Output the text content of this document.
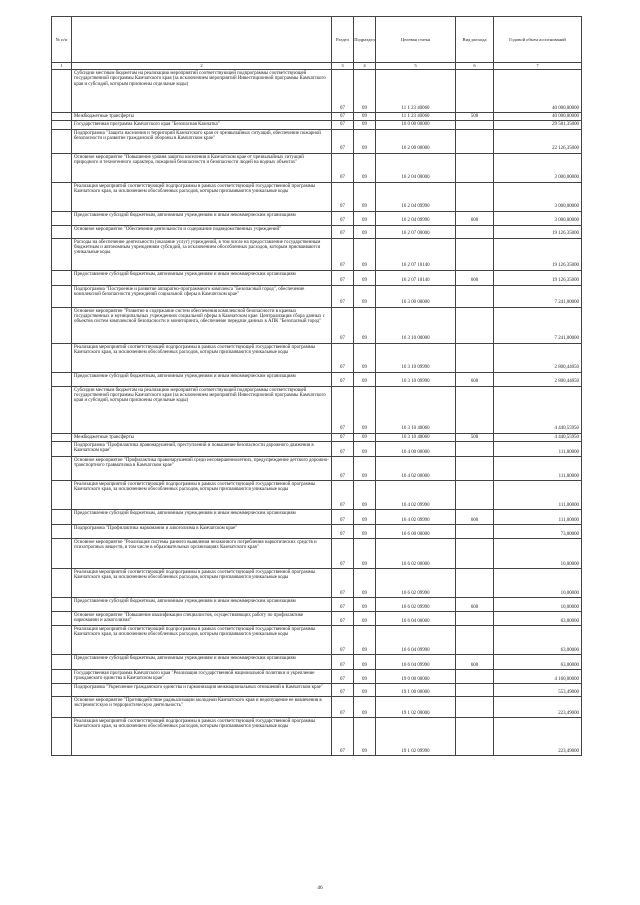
№ п/п		Раздел	Подраздел	Целевая статья	Вид расхода	Годовой объем ассигнований
1	2	3	4	5	6	7
	Субсидии местным бюджетам на реализацию мероприятий соответствующей подпрограммы соответствующей государственной программы Камчатского края (за исключением мероприятий Инвестиционной программы Камчатского края и субсидий, которым присвоены отдельные коды)	07	09	11 1 23 40060		40 000,00000
	Межбюджетные трансферты	07	09	11 1 23 40060	500	40 000,00000
	Государственная программа Камчатского края "Безопасная Камчатка"	07	09	16 0 00 00000		29 581,35000
	Подпрограмма "Защита населения и территорий Камчатского края от чрезвычайных ситуаций, обеспечение пожарной безопасности и развитие гражданской обороны в Камчатском крае"	07	09	16 2 00 00000		22 126,35000
	Основное мероприятие "Повышение уровня защиты населения в Камчатском крае от чрезвычайных ситуаций природного и техногенного характера, пожарной безопасности и безопасности людей на водных объектах"	07	09	16 2 04 00000		3 000,00000
	Реализация мероприятий соответствующей подпрограммы в рамках соответствующей государственной программы Камчатского края, за исключением обособленных расходов, которым присваиваются уникальные коды	07	09	16 2 04 09990		3 000,00000
	Предоставление субсидий бюджетным, автономным учреждениям и иным некоммерческим организациям	07	09	16 2 04 09990	600	3 000,00000
	Основное мероприятие "Обеспечение деятельности и содержание подведомственных учреждений"	07	09	16 2 07 00000		19 126,35000
	Расходы на обеспечение деятельности (оказание услуг) учреждений, в том числе на предоставление государственным бюджетным и автономным учреждениям субсидий, за исключением обособленных расходов, которым присваиваются уникальные коды	07	09	16 2 07 10140		19 126,35000
	Предоставление субсидий бюджетным, автономным учреждениям и иным некоммерческим организациям	07	09	16 2 07 10140	600	19 126,35000
	Подпрограмма "Построение и развитие аппаратно-программного комплекса "Безопасный город", обеспечение комплексной безопасности учреждений социальной сферы в Камчатском крае"	07	09	16 3 00 00000		7 241,00000
	Основное мероприятие "Развитие и содержание систем обеспечения комплексной безопасности в краевых государственных и муниципальных учреждениях социальной сферы в Камчатском крае. Централизация сбора данных с объектов систем комплексной безопасности и мониторинга, обеспечение передачи данных в АПК "Безопасный город"	07	09	16 3 10 00000		7 241,00000
	Реализация мероприятий соответствующей подпрограммы в рамках соответствующей государственной программы Камчатского края, за исключением обособленных расходов, которым присваиваются уникальные коды	07	09	16 3 10 09990		2 800,44050
	Предоставление субсидий бюджетным, автономным учреждениям и иным некоммерческим организациям	07	09	16 3 10 09990	600	2 800,44050
	Субсидии местным бюджетам на реализацию мероприятий соответствующей подпрограммы соответствующей государственной программы Камчатского края (за исключением мероприятий Инвестиционной программы Камчатского края и субсидий, которым присвоены отдельные коды)	07	09	16 3 10 40060		4 440,55950
	Межбюджетные трансферты	07	09	16 3 10 40060	500	4 440,55950
	Подпрограмма "Профилактика правонарушений, преступлений и повышение безопасности дорожного движения в Камчатском крае"	07	09	16 4 00 00000		111,00000
	Основное мероприятие "Профилактика правонарушений среди несовершеннолетних, предупреждение детского дорожно-транспортного травматизма в Камчатском крае"	07	09	16 4 02 00000		111,00000
	Реализация мероприятий соответствующей подпрограммы в рамках соответствующей государственной программы Камчатского края, за исключением обособленных расходов, которым присваиваются уникальные коды	07	09	16 4 02 09990		111,00000
	Предоставление субсидий бюджетным, автономным учреждениям и иным некоммерческим организациям	07	09	16 4 02 09990	600	111,00000
	Подпрограмма "Профилактика наркомании и алкоголизма в Камчатском крае"	07	09	16 6 00 00000		73,00000
	Основное мероприятие "Реализация системы раннего выявления незаконного потребления наркотических средств и психотропных веществ, в том числе в образовательных организациях Камчатского края"	07	09	16 6 02 00000		10,00000
	Реализация мероприятий соответствующей подпрограммы в рамках соответствующей государственной программы Камчатского края, за исключением обособленных расходов, которым присваиваются уникальные коды	07	09	16 6 02 09990		10,00000
	Предоставление субсидий бюджетным, автономным учреждениям и иным некоммерческим организациям	07	09	16 6 02 09990	600	10,00000
	Основное мероприятие "Повышение квалификации специалистов, осуществляющих работу по профилактике наркомании и алкоголизма"	07	09	16 6 04 00000		63,00000
	Реализация мероприятий соответствующей подпрограммы в рамках соответствующей государственной программы Камчатского края, за исключением обособленных расходов, которым присваиваются уникальные коды	07	09	16 6 04 09990		63,00000
	Предоставление субсидий бюджетным, автономным учреждениям и иным некоммерческим организациям	07	09	16 6 04 09990	600	63,00000
	Государственная программа Камчатского края "Реализация государственной национальной политики и укрепление гражданского единства в Камчатском крае"	07	09	19 0 00 00000		4 160,00000
	Подпрограмма "Укрепление гражданского единства и гармонизация межнациональных отношений в Камчатском крае"	07	09	19 1 00 00000		553,49000
	Основное мероприятие "Противодействие радикализации молодежи Камчатского края и недопущение ее вовлечения в экстремистскую и террористическую деятельность"	07	09	19 1 02 00000		223,49000
	Реализация мероприятий соответствующей подпрограммы в рамках соответствующей государственной программы Камчатского края, за исключением обособленных расходов, которым присваиваются уникальные коды	07	09	19 1 02 09990		223,49000
46
